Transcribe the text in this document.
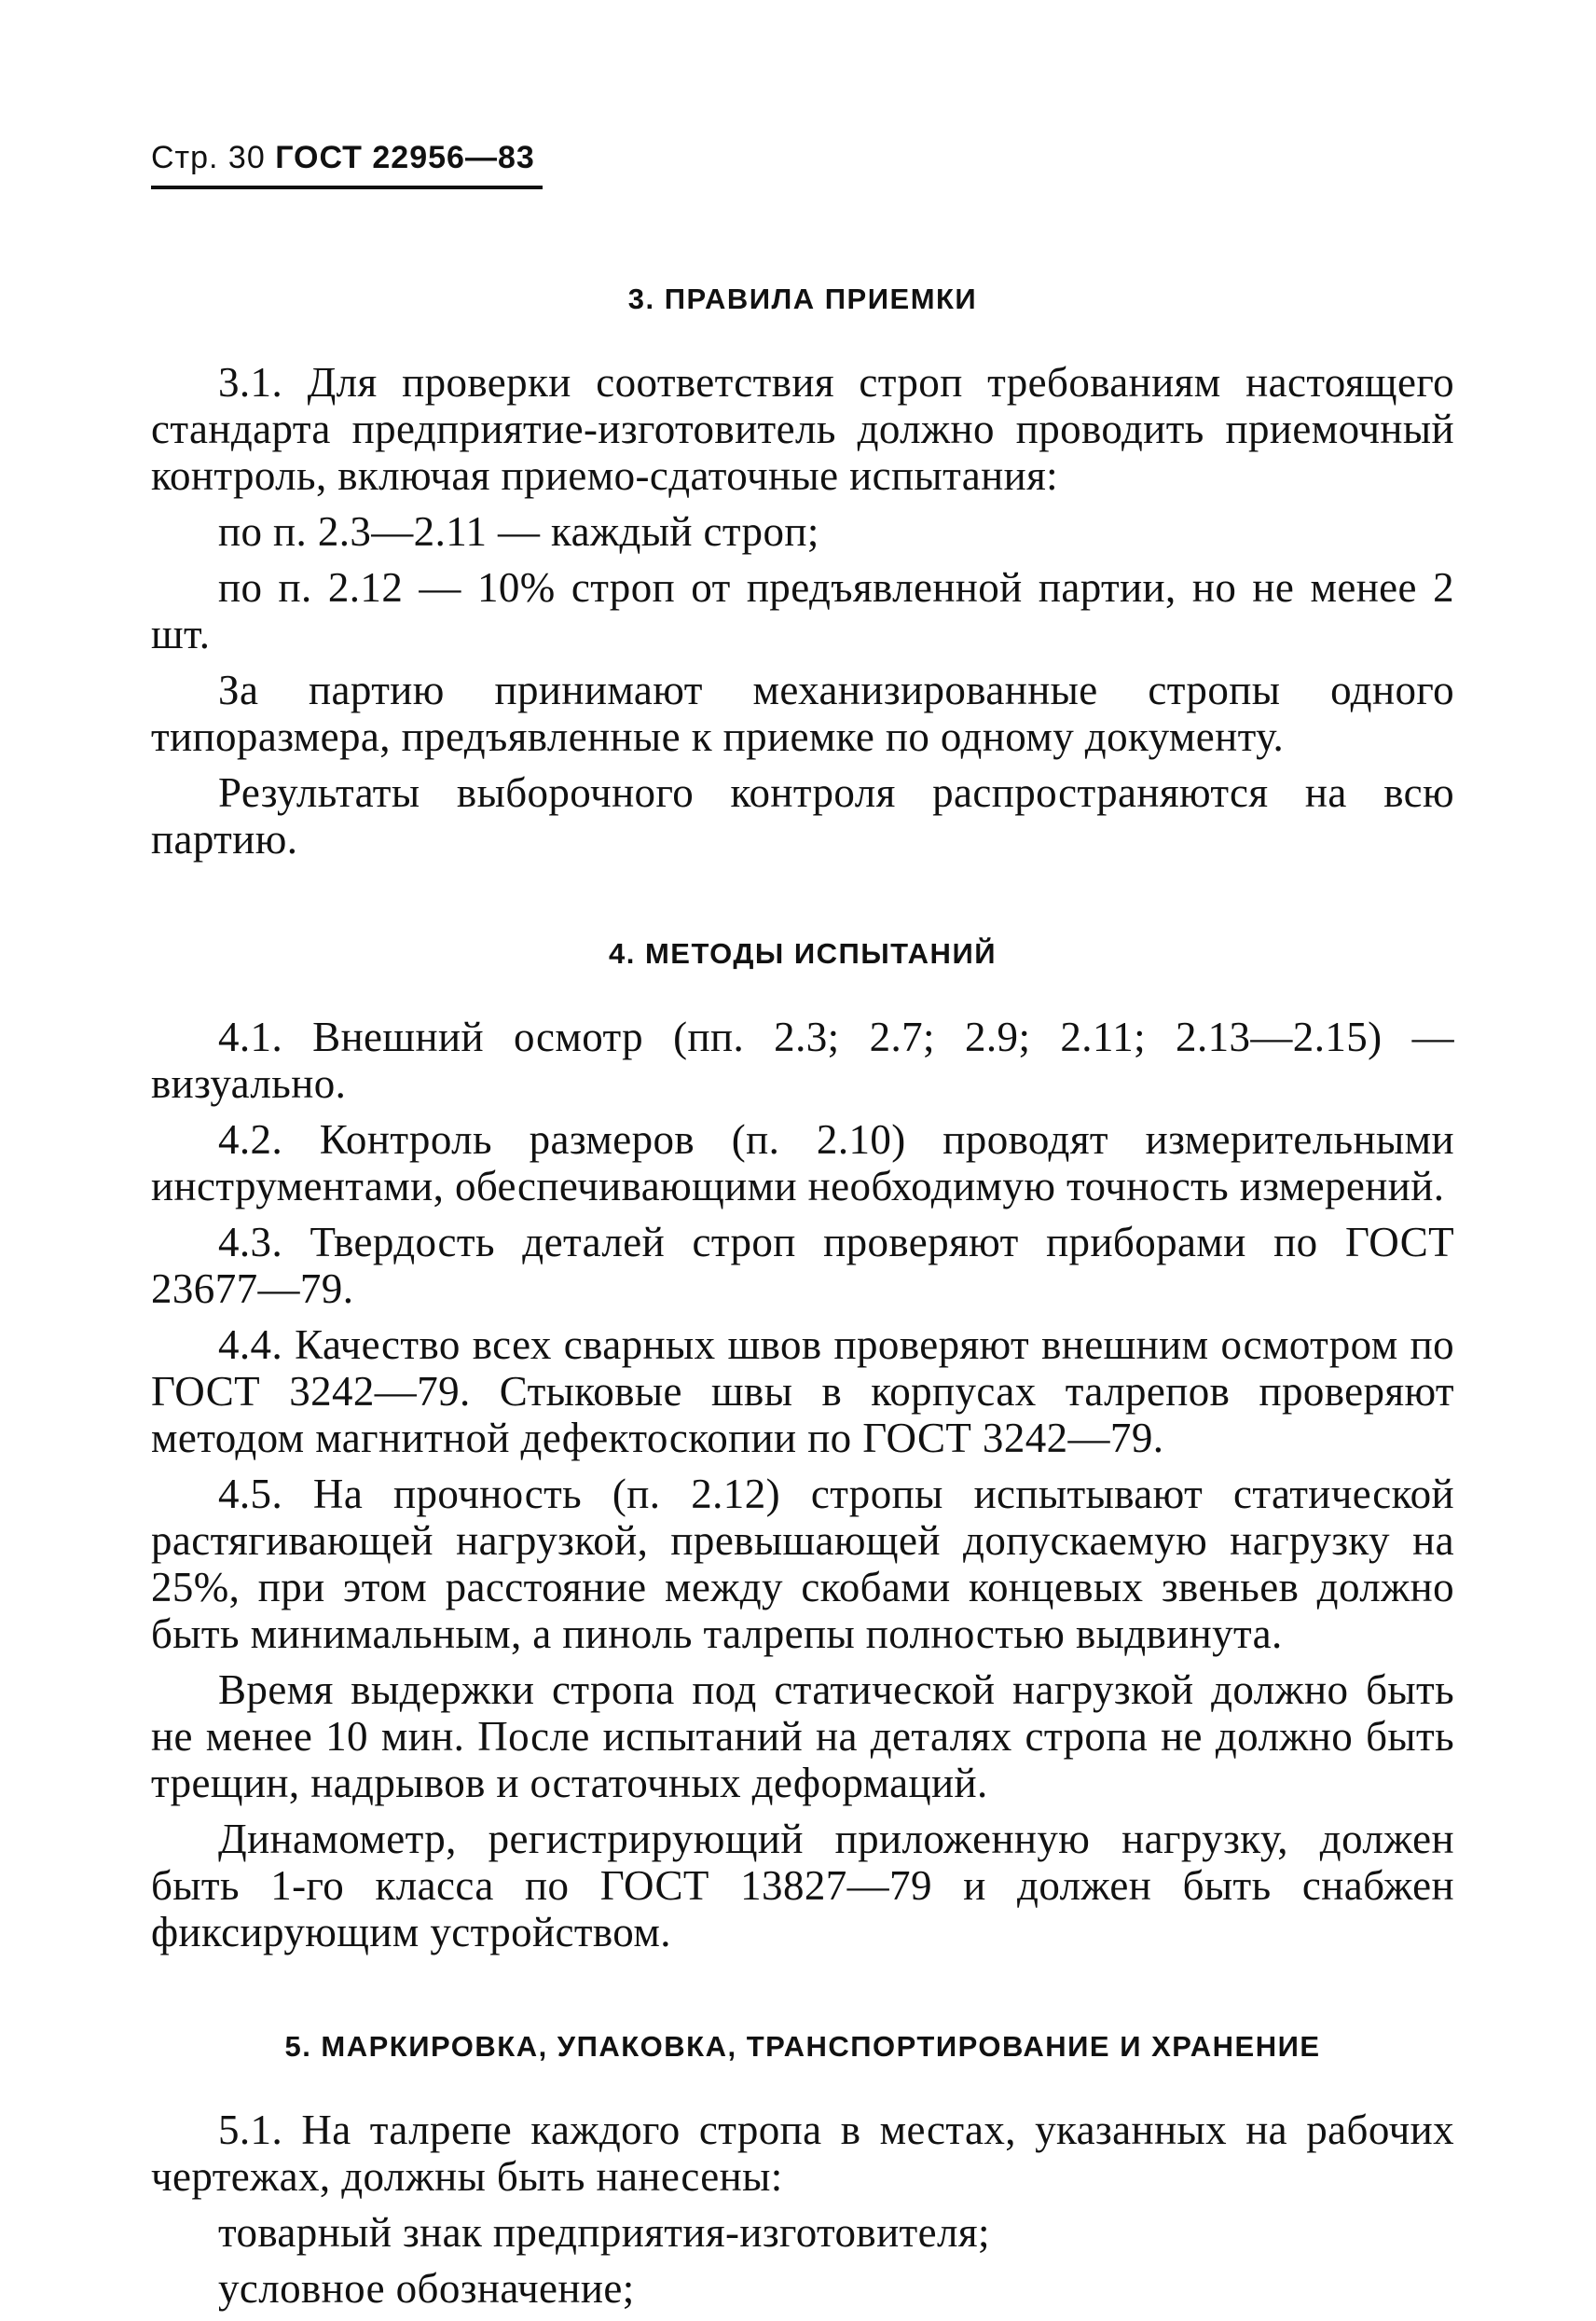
Стр. 30 ГОСТ 22956—83
3. ПРАВИЛА ПРИЕМКИ

3.1. Для проверки соответствия строп требованиям настоящего стандарта предприятие-изготовитель должно проводить приемочный контроль, включая приемо-сдаточные испытания:

по п. 2.3—2.11 — каждый строп;

по п. 2.12 — 10% строп от предъявленной партии, но не менее 2 шт.

За партию принимают механизированные стропы одного типоразмера, предъявленные к приемке по одному документу.

Результаты выборочного контроля распространяются на всю партию.

4. МЕТОДЫ ИСПЫТАНИЙ

4.1. Внешний осмотр (пп. 2.3; 2.7; 2.9; 2.11; 2.13—2.15) — визуально.

4.2. Контроль размеров (п. 2.10) проводят измерительными инструментами, обеспечивающими необходимую точность измерений.

4.3. Твердость деталей строп проверяют приборами по ГОСТ 23677—79.

4.4. Качество всех сварных швов проверяют внешним осмотром по ГОСТ 3242—79. Стыковые швы в корпусах талрепов проверяют методом магнитной дефектоскопии по ГОСТ 3242—79.

4.5. На прочность (п. 2.12) стропы испытывают статической растягивающей нагрузкой, превышающей допускаемую нагрузку на 25%, при этом расстояние между скобами концевых звеньев должно быть минимальным, а пиноль талрепы полностью выдвинута.

Время выдержки стропа под статической нагрузкой должно быть не менее 10 мин. После испытаний на деталях стропа не должно быть трещин, надрывов и остаточных деформаций.

Динамометр, регистрирующий приложенную нагрузку, должен быть 1-го класса по ГОСТ 13827—79 и должен быть снабжен фиксирующим устройством.

5. МАРКИРОВКА, УПАКОВКА, ТРАНСПОРТИРОВАНИЕ И ХРАНЕНИЕ

5.1. На талрепе каждого стропа в местах, указанных на рабочих чертежах, должны быть нанесены:

товарный знак предприятия-изготовителя;

условное обозначение;
